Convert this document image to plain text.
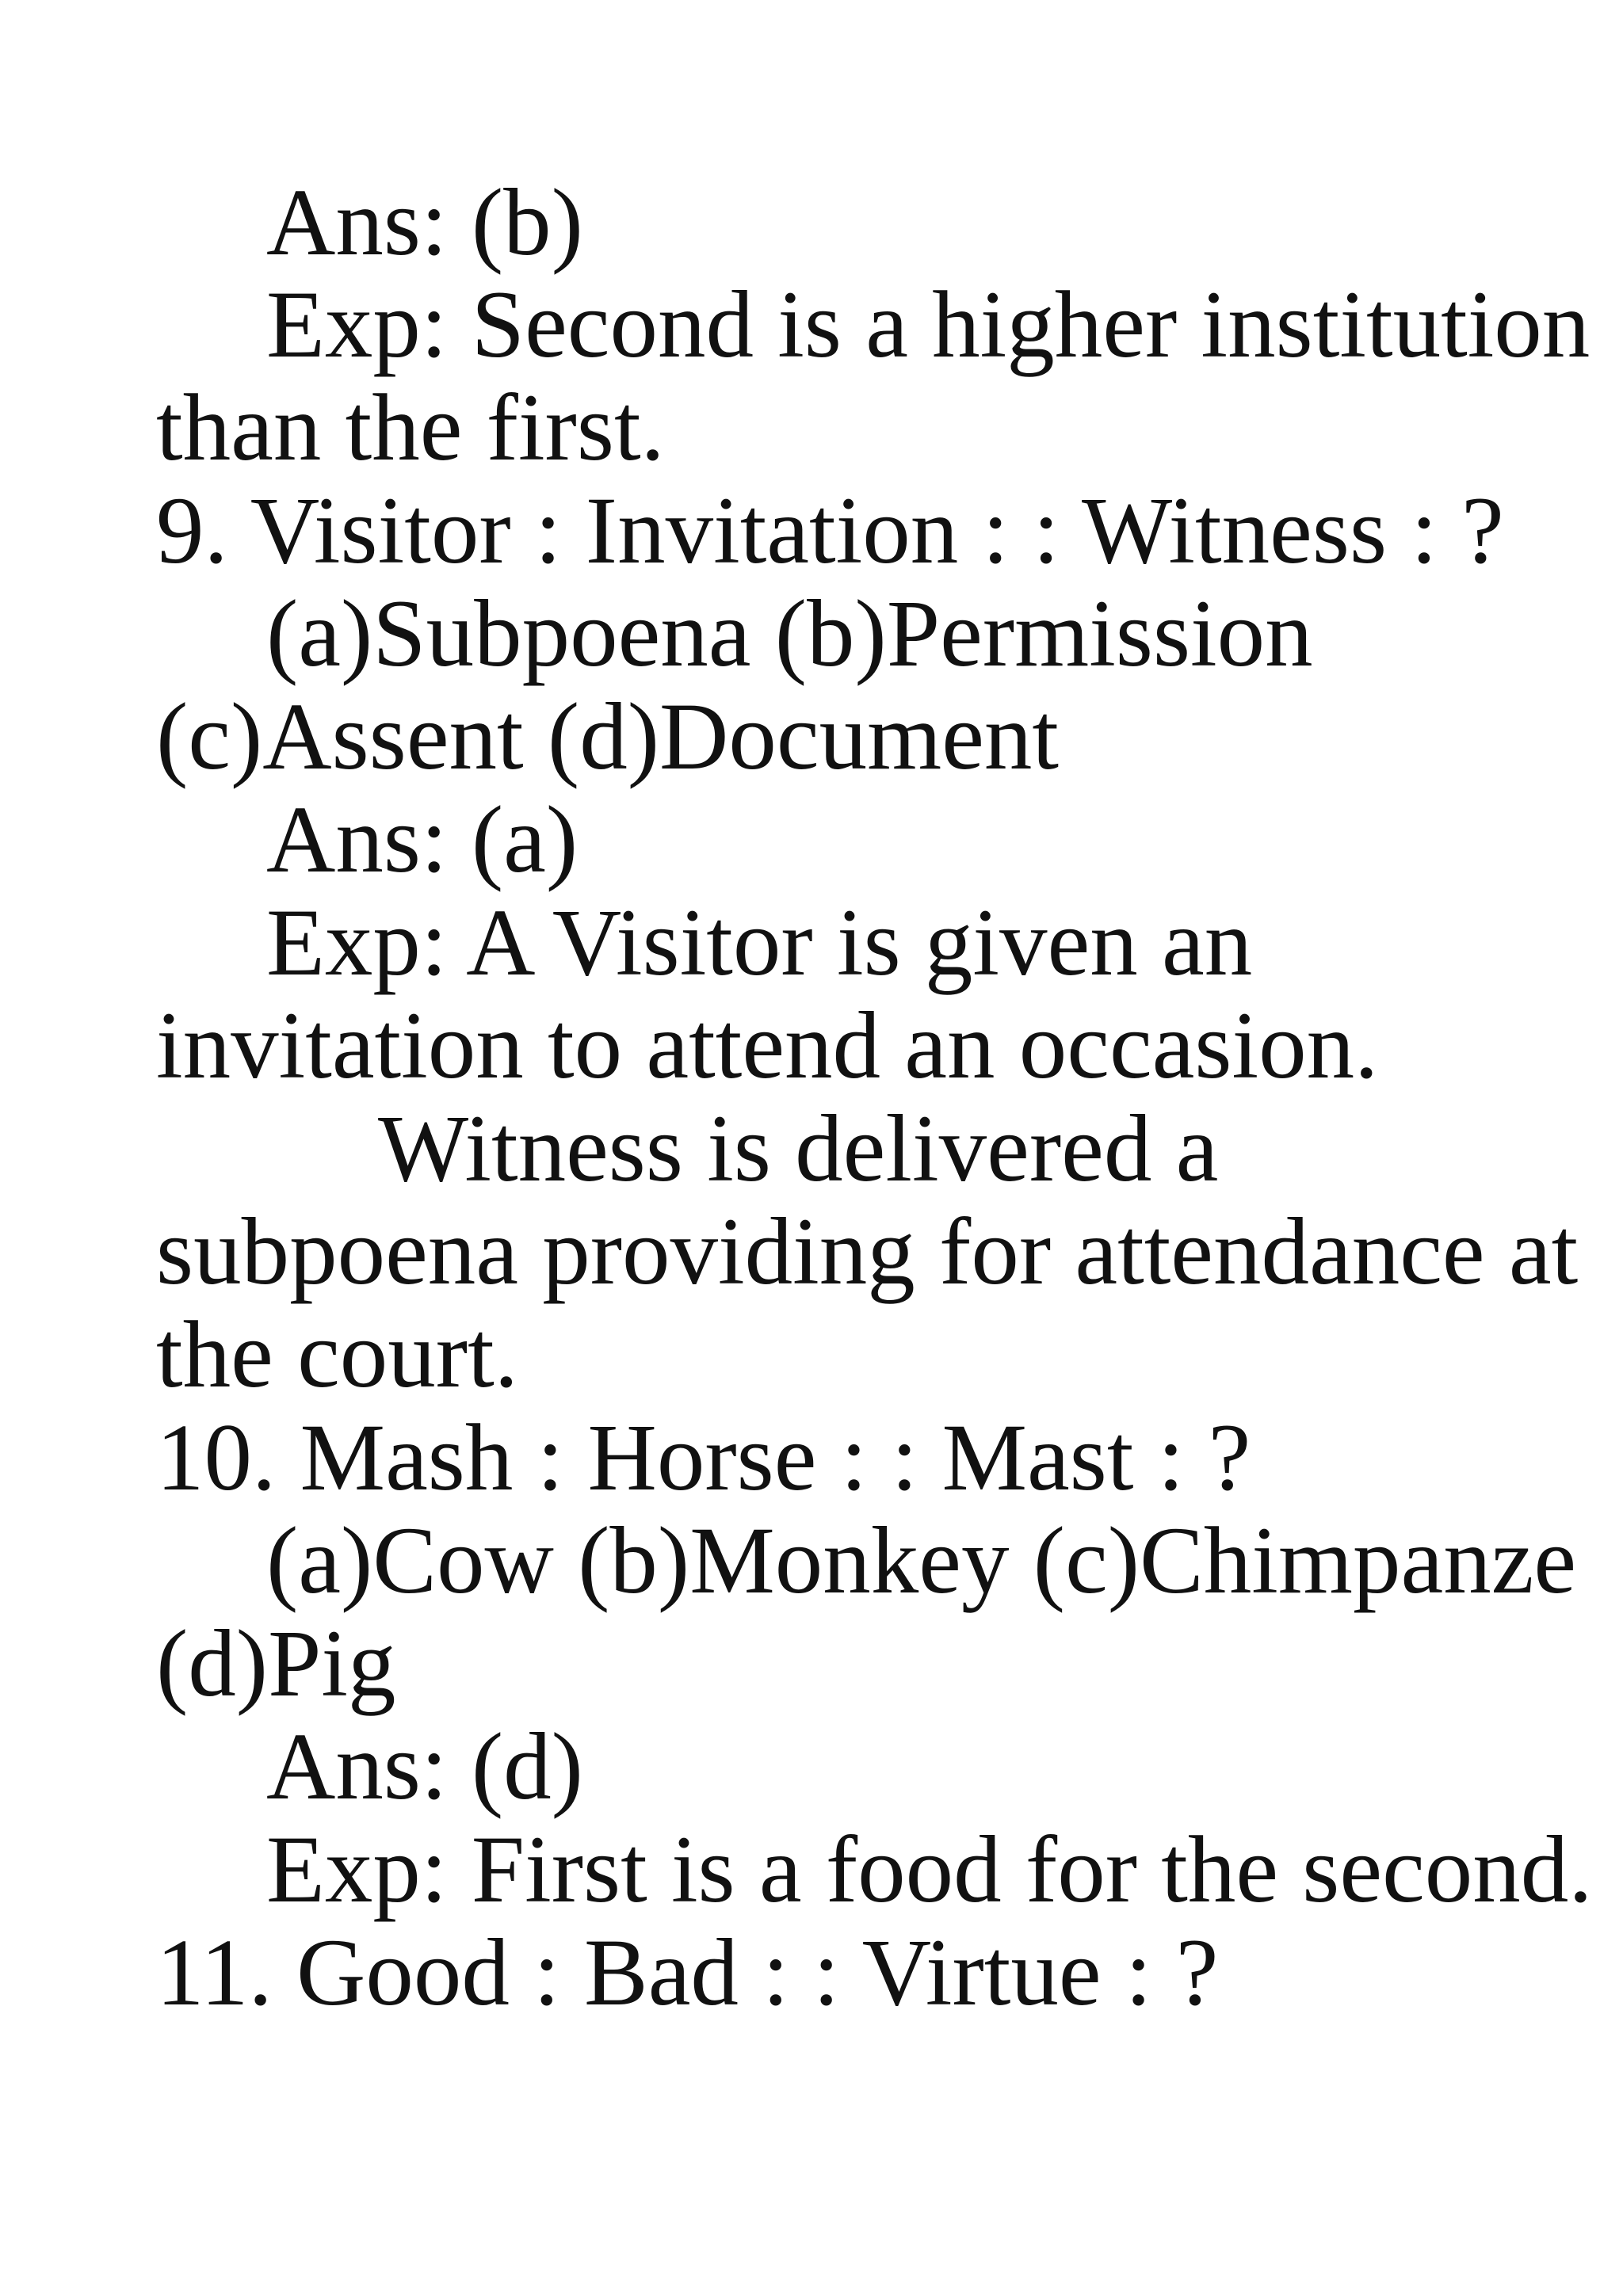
Ans: (b)
Exp: Second is a higher institution
than the first.
9. Visitor : Invitation : : Witness : ?
(a)Subpoena (b)Permission
(c)Assent (d)Document
Ans: (a)
Exp: A Visitor is given an
invitation to attend an occasion.
Witness is delivered a
subpoena providing for attendance at
the court.
10. Mash : Horse : : Mast : ?
(a)Cow (b)Monkey (c)Chimpanze
(d)Pig
Ans: (d)
Exp: First is a food for the second.
11. Good : Bad : : Virtue : ?
